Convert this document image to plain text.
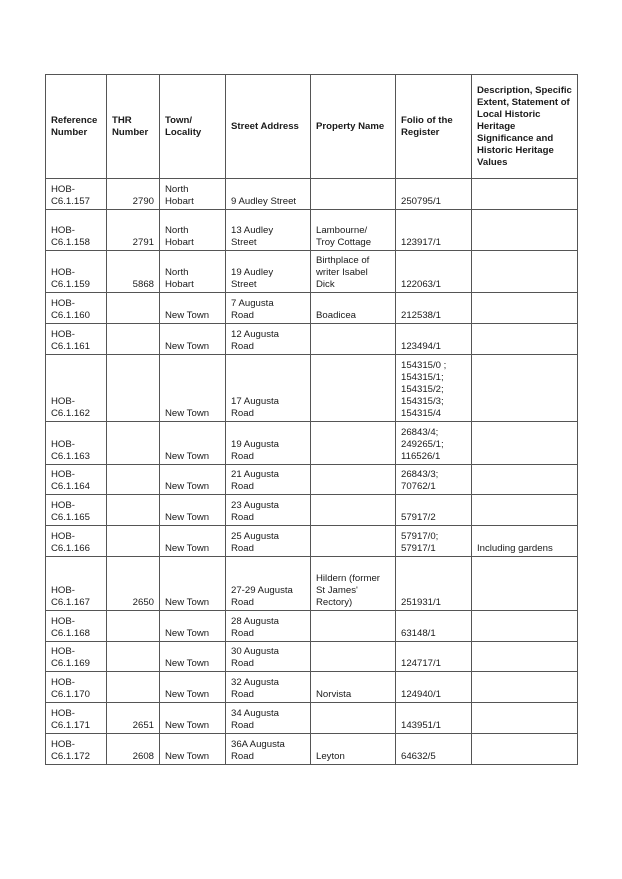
Reference Number	THR Number	Town/ Locality	Street Address	Property Name	Folio of the Register	Description, Specific Extent, Statement of Local Historic Heritage Significance and Historic Heritage Values

HOB-
C6.1.157	2790	North
Hobart	9 Audley Street		250795/1	

HOB-
C6.1.158	2791	North
Hobart	13 Audley
Street	Lambourne/
Troy Cottage	123917/1	

HOB-
C6.1.159	5868	North
Hobart	19 Audley
Street	Birthplace of
writer Isabel
Dick	122063/1	

HOB-
C6.1.160		New Town	7 Augusta
Road	Boadicea	212538/1	

HOB-
C6.1.161		New Town	12 Augusta
Road		123494/1	

HOB-
C6.1.162		New Town	17 Augusta
Road		154315/0 ;
154315/1;
154315/2;
154315/3;
154315/4	

HOB-
C6.1.163		New Town	19 Augusta
Road		26843/4;
249265/1;
116526/1	

HOB-
C6.1.164		New Town	21 Augusta
Road		26843/3;
70762/1	

HOB-
C6.1.165		New Town	23 Augusta
Road		57917/2	

HOB-
C6.1.166		New Town	25 Augusta
Road		57917/0;
57917/1	Including gardens

HOB-
C6.1.167	2650	New Town	27-29 Augusta
Road	Hildern (former
St James'
Rectory)	251931/1	

HOB-
C6.1.168		New Town	28 Augusta
Road		63148/1	

HOB-
C6.1.169		New Town	30 Augusta
Road		124717/1	

HOB-
C6.1.170		New Town	32 Augusta
Road	Norvista	124940/1	

HOB-
C6.1.171	2651	New Town	34 Augusta
Road		143951/1	

HOB-
C6.1.172	2608	New Town	36A Augusta
Road	Leyton	64632/5	
